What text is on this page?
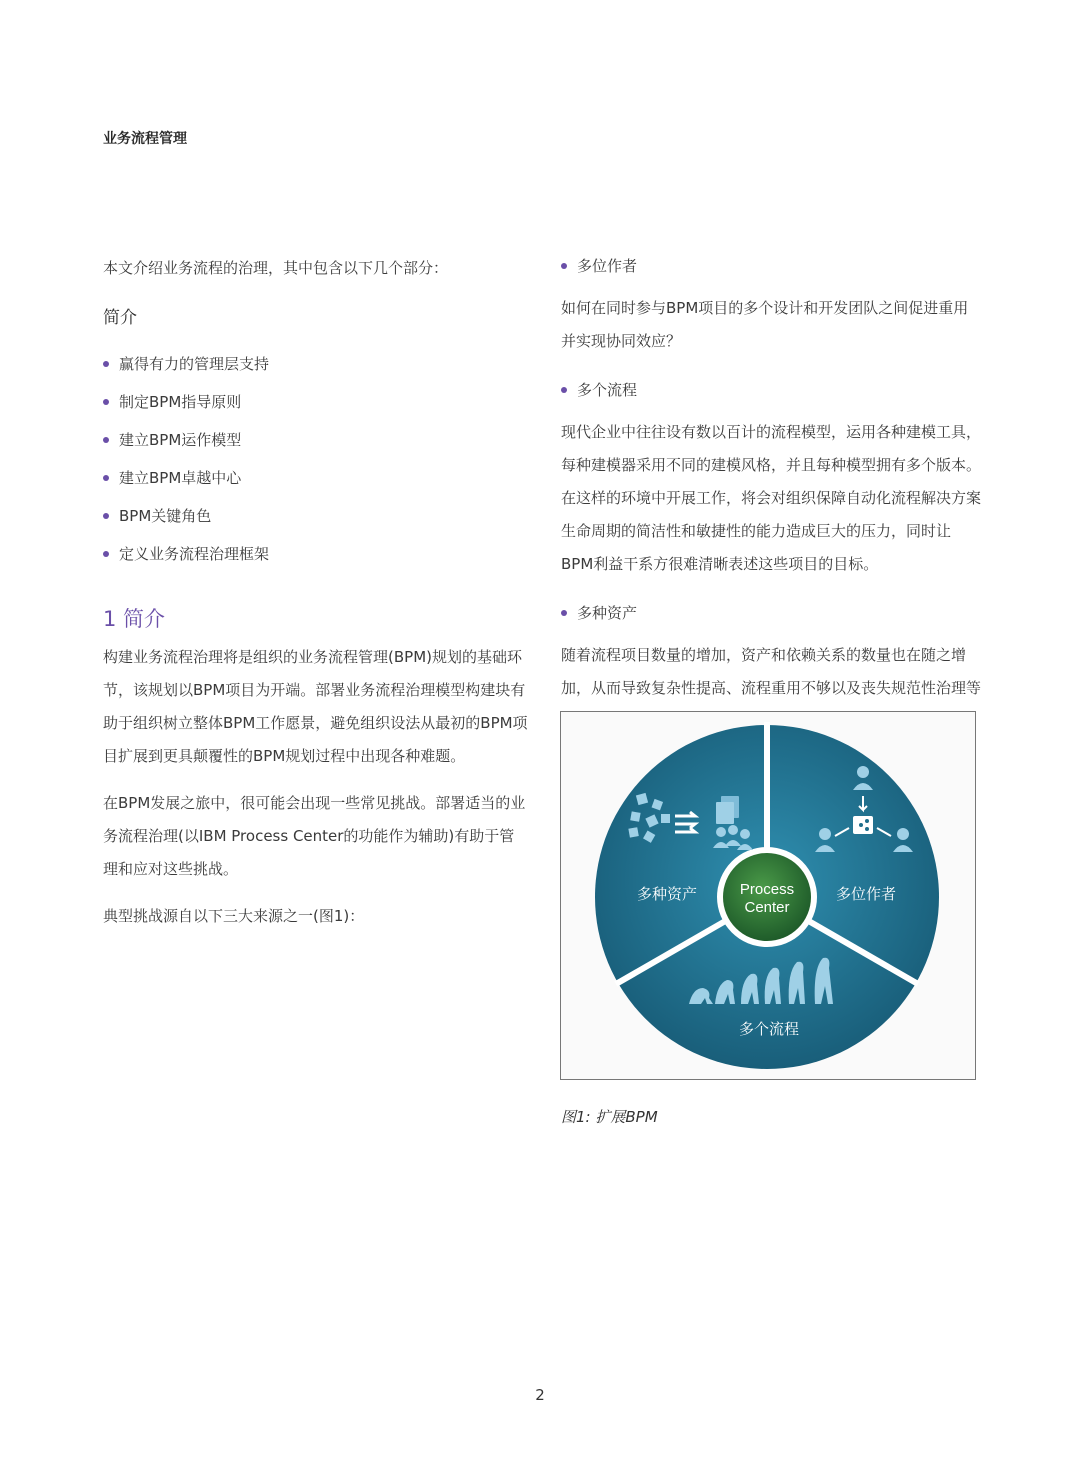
业务流程管理

本文介绍业务流程的治理，其中包含以下几个部分：

简介
赢得有力的管理层支持
制定BPM指导原则
建立BPM运作模型
建立BPM卓越中心
BPM关键角色
定义业务流程治理框架
1 简介

构建业务流程治理将是组织的业务流程管理(BPM)规划的基础环节，该规划以BPM项目为开端。部署业务流程治理模型构建块有助于组织树立整体BPM工作愿景，避免组织设法从最初的BPM项目扩展到更具颠覆性的BPM规划过程中出现各种难题。

在BPM发展之旅中，很可能会出现一些常见挑战。部署适当的业务流程治理(以IBM Process Center的功能作为辅助)有助于管理和应对这些挑战。

典型挑战源自以下三大来源之一(图1)：

多位作者

如何在同时参与BPM项目的多个设计和开发团队之间促进重用并实现协同效应？

多个流程

现代企业中往往设有数以百计的流程模型，运用各种建模工具，每种建模器采用不同的建模风格，并且每种模型拥有多个版本。在这样的环境中开展工作，将会对组织保障自动化流程解决方案生命周期的简洁性和敏捷性的能力造成巨大的压力，同时让BPM利益干系方很难清晰表述这些项目的目标。

多种资产

随着流程项目数量的增加，资产和依赖关系的数量也在随之增加，从而导致复杂性提高、流程重用不够以及丧失规范性治理等

Process
Center
多种资产	多位作者
多个流程
图1: 扩展BPM
2
